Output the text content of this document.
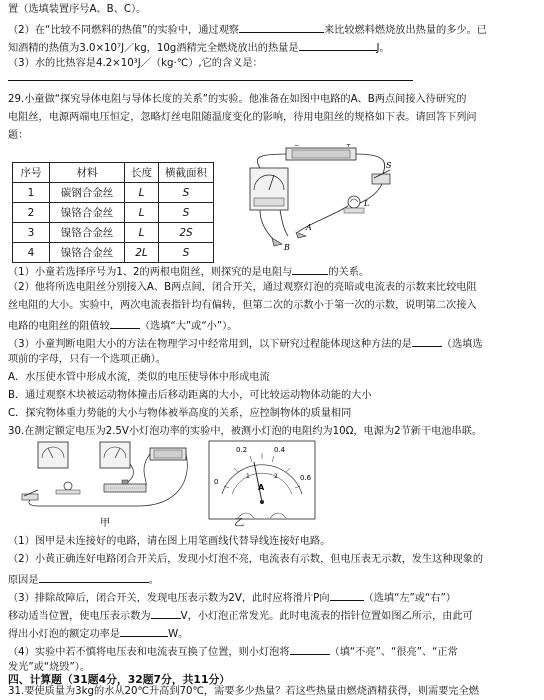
置（选填装置序号A、B、C）。
（2）在“比较不同燃料的热值”的实验中，通过观察	来比较燃料燃烧放出热量的多少。已
知酒精的热值为3.0×10⁷J／kg，10g酒精完全燃烧放出的热量是	J。
（3）水的比热容是4.2×10³J／（kg·℃）,它的含义是：
29.小童做“探究导体电阻与导体长度的关系”的实验。他准备在如图中电路的A、B两点间接入待研究的
电阻丝，电源两端电压恒定，忽略灯丝电阻随温度变化的影响，待用电阻丝的规格如下表。请回答下列问
题：
序号	材料	长度	横截面积
1	碳钢合金丝	L	S
2	镍铬合金丝	L	S
3	镍铬合金丝	L	2S
4	镍铬合金丝	2L	S
−	+
A
B
S
L
（1）小童若选择序号为1、2的两根电阻丝，则探究的是电阻与	的关系。
（2）他将所选电阻丝分别接入A、B两点间，闭合开关，通过观察灯泡的亮暗或电流表的示数来比较电阻
丝电阻的大小。实验中，两次电流表指针均有偏转，但第二次的示数小于第一次的示数，说明第二次接入
电路的电阻丝的阻值较	（选填“大”或“小”）。
（3）小童判断电阻大小的方法在物理学习中经常用到，以下研究过程能体现这种方法的是	（选填选
项前的字母，只有一个选项正确）。
A．水压使水管中形成水流，类似的电压使导体中形成电流
B．通过观察木块被运动物体撞击后移动距离的大小，可比较运动物体动能的大小
C．探究物体重力势能的大小与物体被举高度的关系，应控制物体的质量相同
30.在测定额定电压为2.5V小灯泡功率的实验中，被测小灯泡的电阻约为10Ω，电源为2节新干电池串联。
甲
0.2	0.4
0	0.6
1	2
A
乙
（1）图甲是未连接好的电路，请在图上用笔画线代替导线连接好电路。
（2）小黄正确连好电路闭合开关后，发现小灯泡不亮，电流表有示数，但电压表无示数，发生这种现象的
原因是	。
（3）排除故障后，闭合开关，发现电压表示数为2V，此时应将滑片P向	（选填“左”或“右”）
移动适当位置，使电压表示数为	V，小灯泡正常发光。此时电流表的指针位置如图乙所示，由此可
得出小灯泡的额定功率是	W。
（4）实验中若不慎将电压表和电流表互换了位置，则小灯泡将	（填“不亮”、“很亮”、“正常
发光”或“烧毁”）。
四、计算题（31题4分，32题7分，共11分）
31.要使质量为3kg的水从20℃升高到70℃，需要多少热量？若这些热量由燃烧酒精获得，则需要完全燃
